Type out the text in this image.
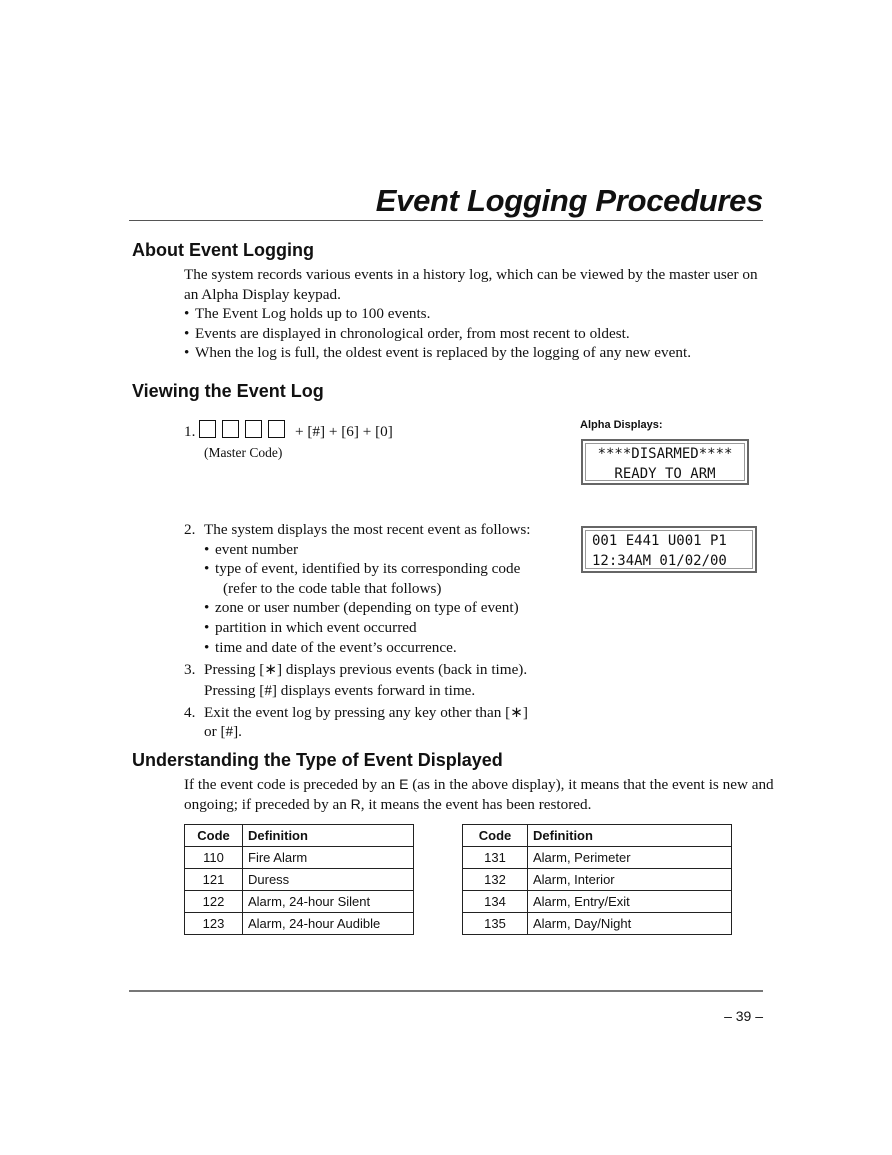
Event Logging Procedures
About Event Logging

The system records various events in a history log, which can be viewed by the master user on an Alpha Display keypad.

• The Event Log holds up to 100 events.
• Events are displayed in chronological order, from most recent to oldest.
• When the log is full, the oldest event is replaced by the logging of any new event.
Viewing the Event Log
1.	+ [#] + [6] + [0]
(Master Code)
Alpha Displays:
****DISARMED****
READY TO ARM
001 E441 U001 P1
12:34AM 01/02/00
2. The system displays the most recent event as follows:
• event number
• type of event, identified by its corresponding code
(refer to the code table that follows)
• zone or user number (depending on type of event)
• partition in which event occurred
• time and date of the event’s occurrence.
3. Pressing [∗] displays previous events (back in time).
Pressing [#] displays events forward in time.
4. Exit the event log by pressing any key other than [∗]
or [#].
Understanding the Type of Event Displayed
If the event code is preceded by an E (as in the above display), it means that the event is new and ongoing; if preceded by an R, it means the event has been restored.
Code	Definition
110	Fire Alarm
121	Duress
122	Alarm, 24-hour Silent
123	Alarm, 24-hour Audible
Code	Definition
131	Alarm, Perimeter
132	Alarm, Interior
134	Alarm, Entry/Exit
135	Alarm, Day/Night
– 39 –
